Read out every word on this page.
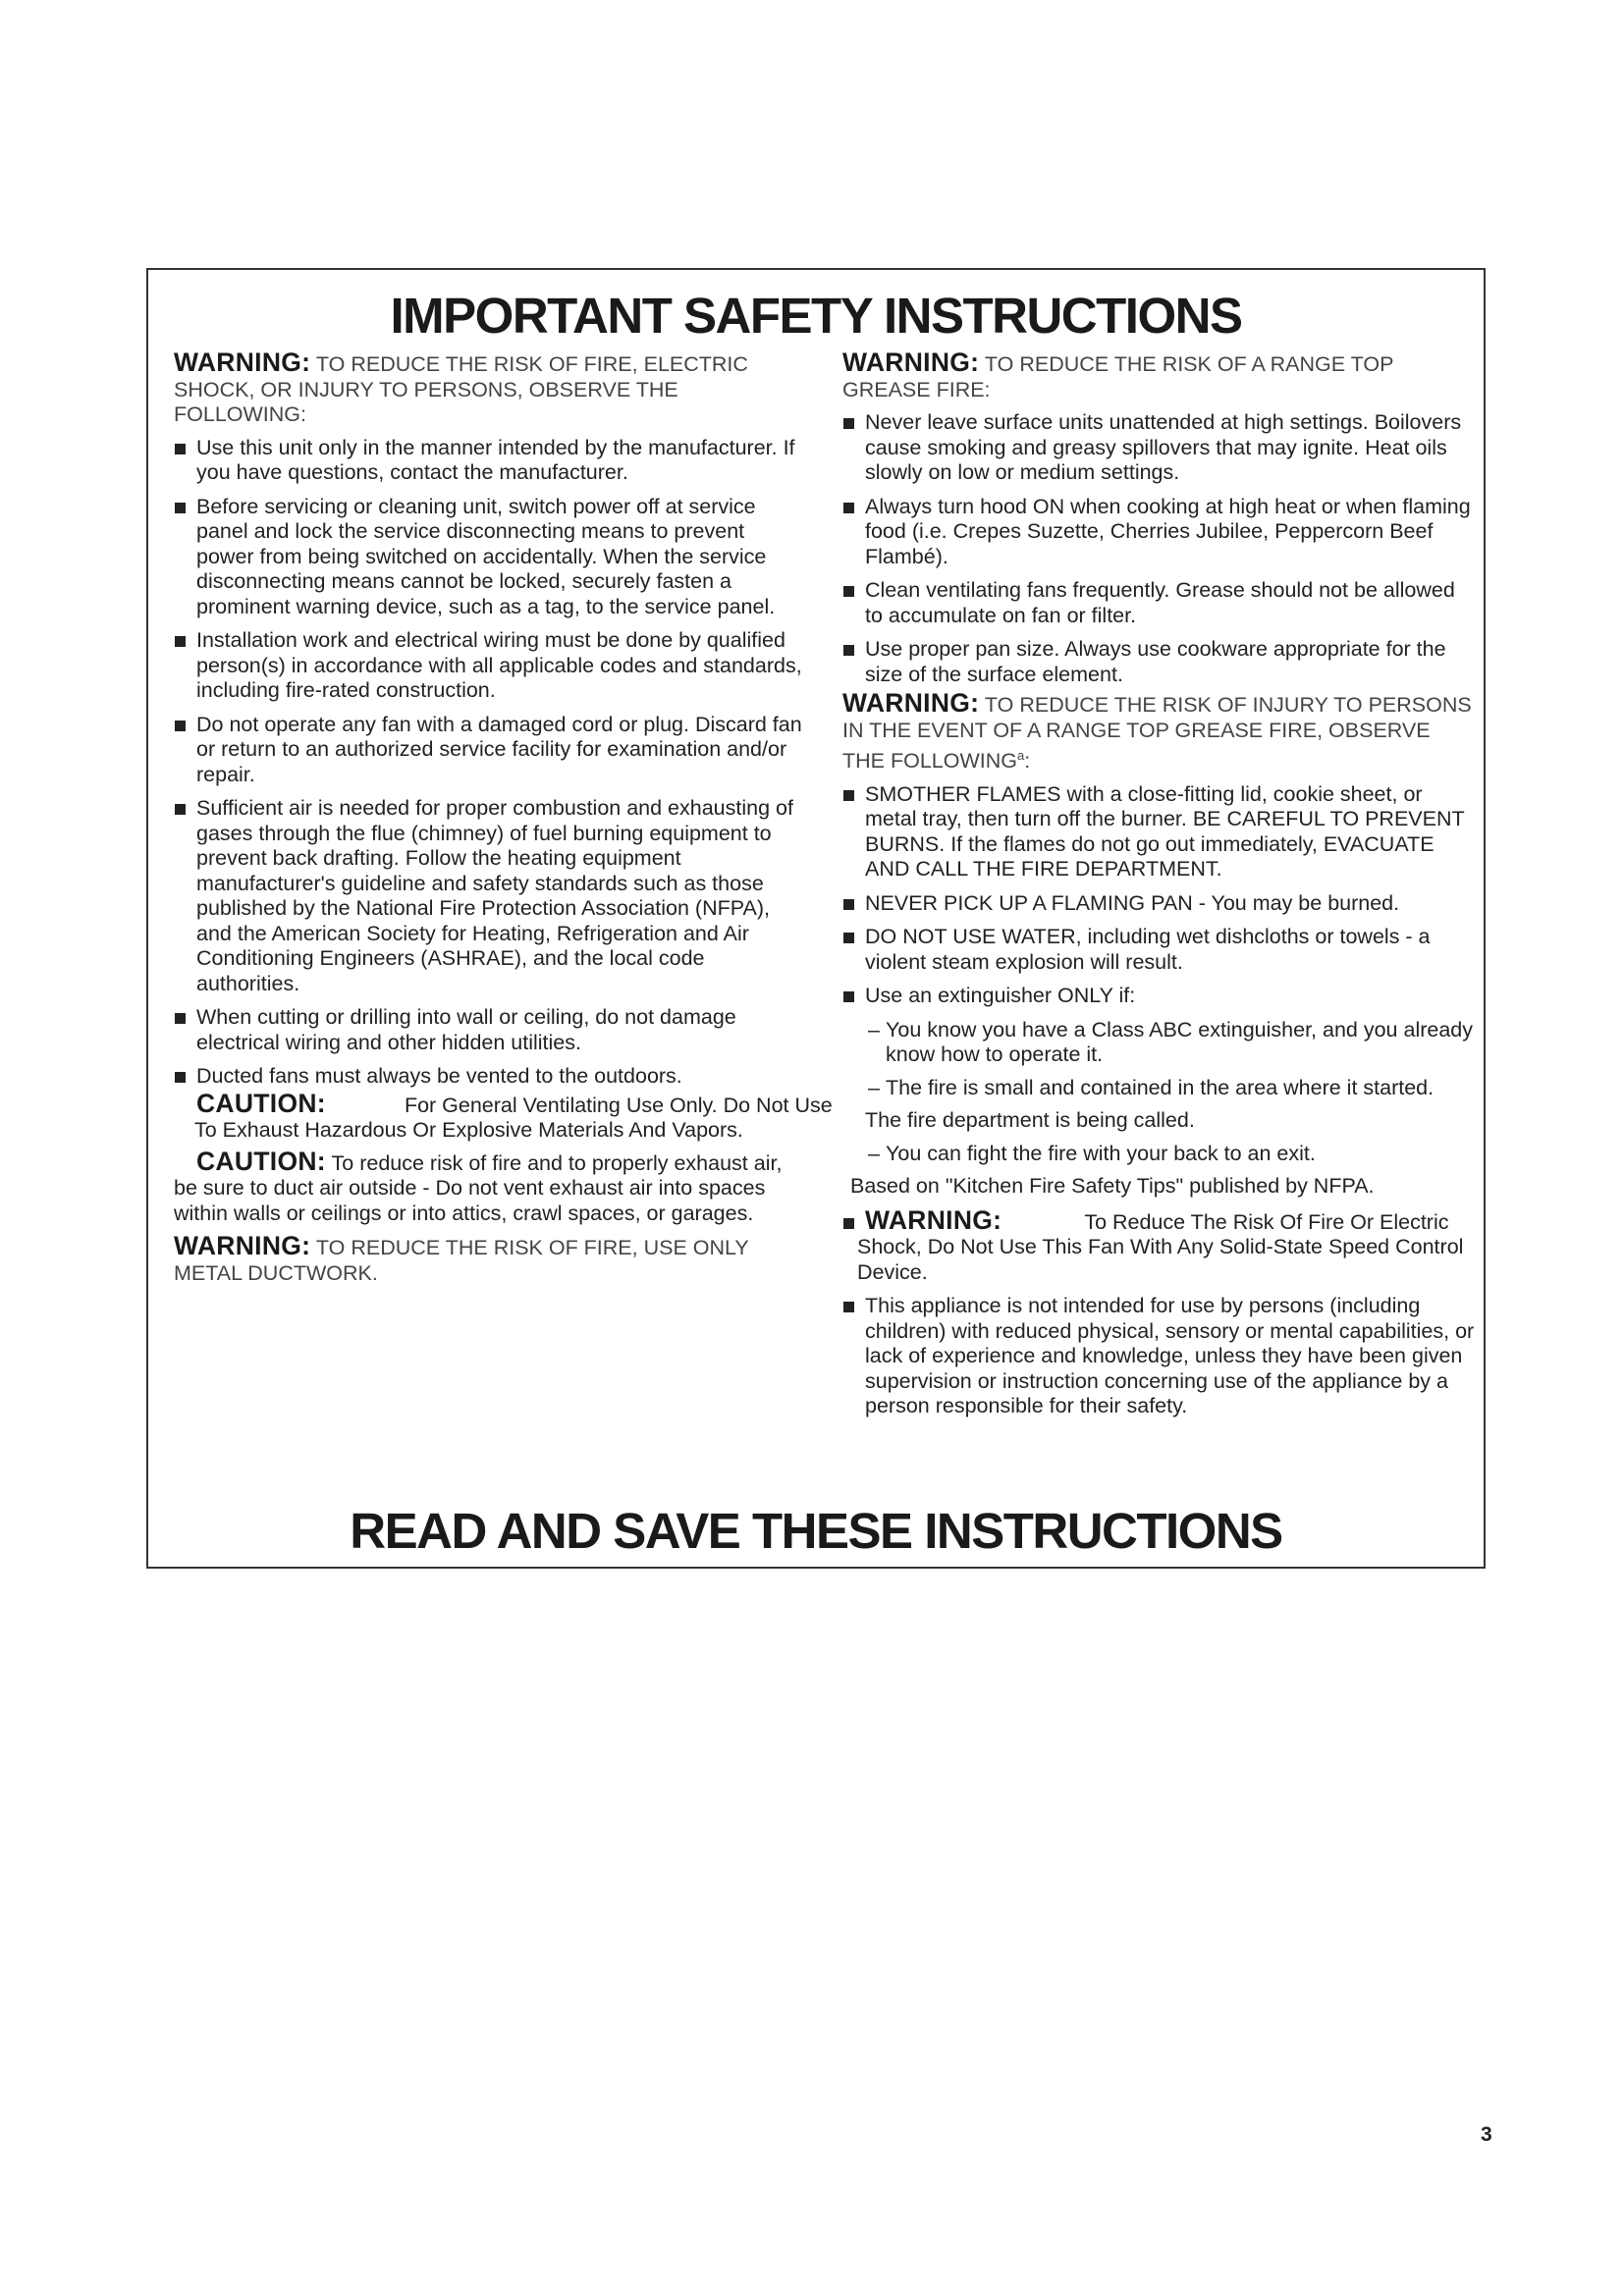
IMPORTANT SAFETY INSTRUCTIONS
WARNING: TO REDUCE THE RISK OF FIRE, ELECTRIC SHOCK, OR INJURY TO PERSONS, OBSERVE THE FOLLOWING:
Use this unit only in the manner intended by the manufacturer. If you have questions, contact the manufacturer.
Before servicing or cleaning unit, switch power off at service panel and lock the service disconnecting means to prevent power from being switched on accidentally. When the service disconnecting means cannot be locked, securely fasten a prominent warning device, such as a tag, to the service panel.
Installation work and electrical wiring must be done by qualified person(s) in accordance with all applicable codes and standards, including fire-rated construction.
Do not operate any fan with a damaged cord or plug. Discard fan or return to an authorized service facility for examination and/or repair.
Sufficient air is needed for proper combustion and exhausting of gases through the flue (chimney) of fuel burning equipment to prevent back drafting. Follow the heating equipment manufacturer's guideline and safety standards such as those published by the National Fire Protection Association (NFPA), and the American Society for Heating, Refrigeration and Air Conditioning Engineers (ASHRAE), and the local code authorities.
When cutting or drilling into wall or ceiling, do not damage electrical wiring and other hidden utilities.
Ducted fans must always be vented to the outdoors.
CAUTION:	For General Ventilating Use Only. Do Not Use
To Exhaust Hazardous Or Explosive Materials And Vapors.
CAUTION: To reduce risk of fire and to properly exhaust air, be sure to duct air outside - Do not vent exhaust air into spaces within walls or ceilings or into attics, crawl spaces, or garages.
WARNING: TO REDUCE THE RISK OF FIRE, USE ONLY METAL DUCTWORK.
WARNING: TO REDUCE THE RISK OF A RANGE TOP GREASE FIRE:
Never leave surface units unattended at high settings. Boilovers cause smoking and greasy spillovers that may ignite. Heat oils slowly on low or medium settings.
Always turn hood ON when cooking at high heat or when flaming food (i.e. Crepes Suzette, Cherries Jubilee, Peppercorn Beef Flambé).
Clean ventilating fans frequently. Grease should not be allowed to accumulate on fan or filter.
Use proper pan size. Always use cookware appropriate for the size of the surface element.
WARNING: TO REDUCE THE RISK OF INJURY TO PERSONS IN THE EVENT OF A RANGE TOP GREASE FIRE, OBSERVE THE FOLLOWING$^a$:
SMOTHER FLAMES with a close-fitting lid, cookie sheet, or metal tray, then turn off the burner. BE CAREFUL TO PREVENT BURNS. If the flames do not go out immediately, EVACUATE AND CALL THE FIRE DEPARTMENT.
NEVER PICK UP A FLAMING PAN - You may be burned.
DO NOT USE WATER, including wet dishcloths or towels - a violent steam explosion will result.
Use an extinguisher ONLY if:
– You know you have a Class ABC extinguisher, and you already know how to operate it.
– The fire is small and contained in the area where it started.
The fire department is being called.
– You can fight the fire with your back to an exit.
Based on "Kitchen Fire Safety Tips" published by NFPA.
WARNING:	To Reduce The Risk Of Fire Or Electric
Shock, Do Not Use This Fan With Any Solid-State Speed Control Device.
This appliance is not intended for use by persons (including children) with reduced physical, sensory or mental capabilities, or lack of experience and knowledge, unless they have been given supervision or instruction concerning use of the appliance by a person responsible for their safety.
READ AND SAVE THESE INSTRUCTIONS
3
